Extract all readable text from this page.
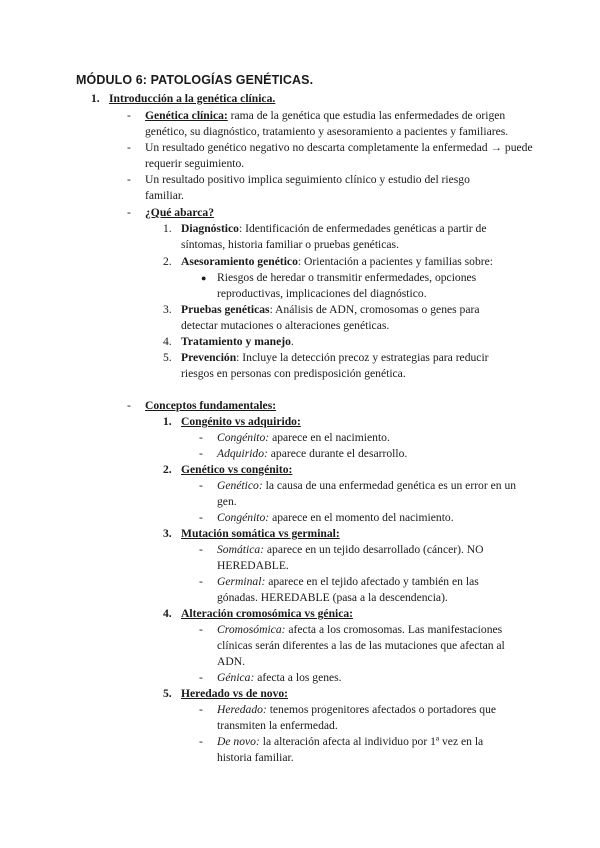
MÓDULO 6: PATOLOGÍAS GENÉTICAS.
1. Introducción a la genética clínica.
- Genética clínica: rama de la genética que estudia las enfermedades de origen genético, su diagnóstico, tratamiento y asesoramiento a pacientes y familiares.
- Un resultado genético negativo no descarta completamente la enfermedad → puede requerir seguimiento.
- Un resultado positivo implica seguimiento clínico y estudio del riesgo familiar.
- ¿Qué abarca?
1. Diagnóstico: Identificación de enfermedades genéticas a partir de síntomas, historia familiar o pruebas genéticas.
2. Asesoramiento genético: Orientación a pacientes y familias sobre:
● Riesgos de heredar o transmitir enfermedades, opciones reproductivas, implicaciones del diagnóstico.
3. Pruebas genéticas: Análisis de ADN, cromosomas o genes para detectar mutaciones o alteraciones genéticas.
4. Tratamiento y manejo.
5. Prevención: Incluye la detección precoz y estrategias para reducir riesgos en personas con predisposición genética.
- Conceptos fundamentales:
1. Congénito vs adquirido:
- Congénito: aparece en el nacimiento.
- Adquirido: aparece durante el desarrollo.
2. Genético vs congénito:
- Genético: la causa de una enfermedad genética es un error en un gen.
- Congénito: aparece en el momento del nacimiento.
3. Mutación somática vs germinal:
- Somática: aparece en un tejido desarrollado (cáncer). NO HEREDABLE.
- Germinal: aparece en el tejido afectado y también en las gónadas. HEREDABLE (pasa a la descendencia).
4. Alteración cromosómica vs génica:
- Cromosómica: afecta a los cromosomas. Las manifestaciones clínicas serán diferentes a las de las mutaciones que afectan al ADN.
- Génica: afecta a los genes.
5. Heredado vs de novo:
- Heredado: tenemos progenitores afectados o portadores que transmiten la enfermedad.
- De novo: la alteración afecta al individuo por 1ª vez en la historia familiar.
